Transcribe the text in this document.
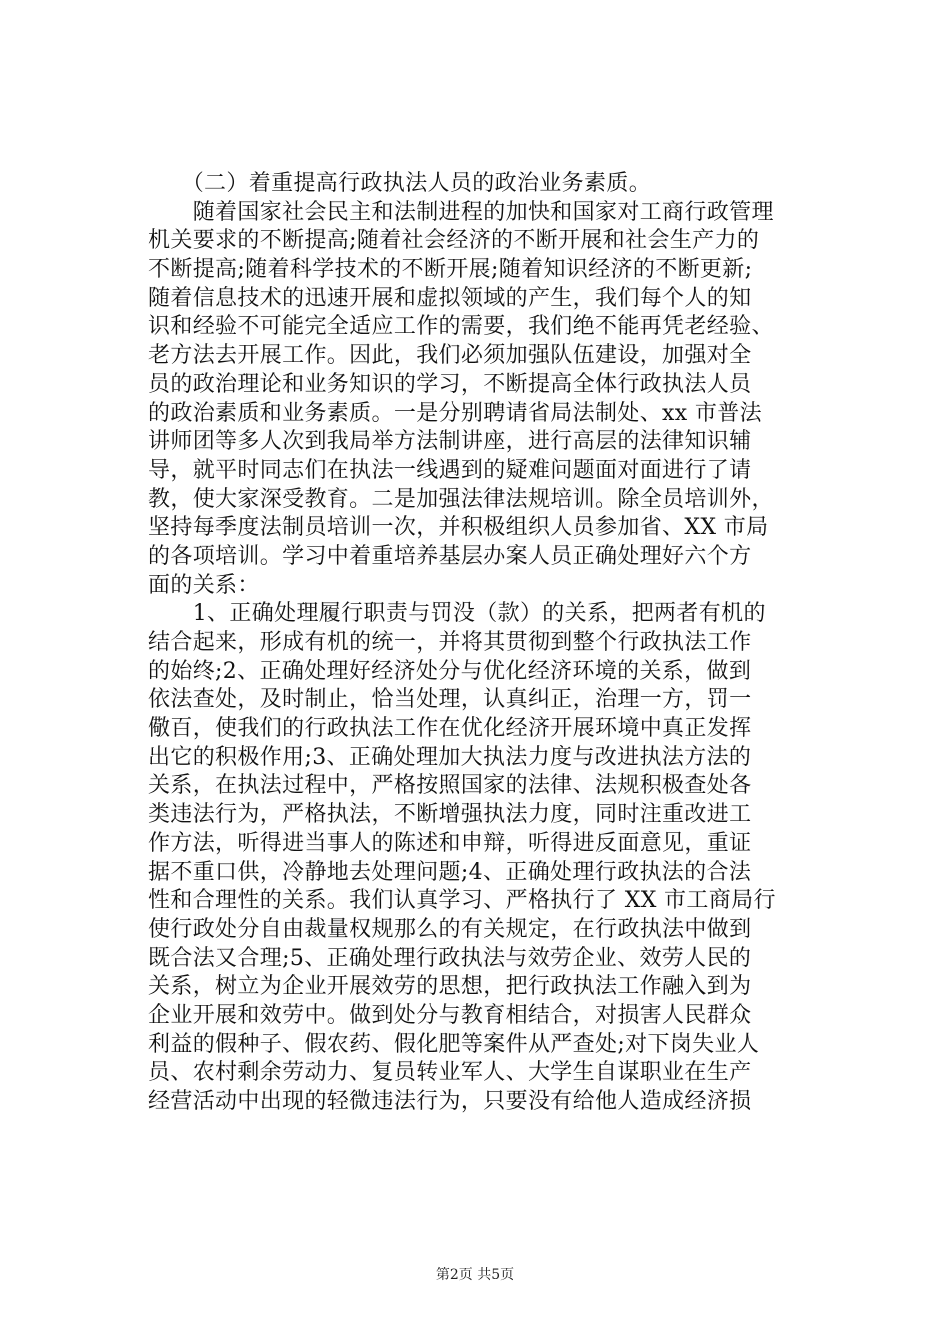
　　（二）着重提高行政执法人员的政治业务素质。
　　随着国家社会民主和法制进程的加快和国家对工商行政管理
机关要求的不断提高;随着社会经济的不断开展和社会生产力的
不断提高;随着科学技术的不断开展;随着知识经济的不断更新;
随着信息技术的迅速开展和虚拟领域的产生，我们每个人的知
识和经验不可能完全适应工作的需要，我们绝不能再凭老经验、
老方法去开展工作。因此，我们必须加强队伍建设，加强对全
员的政治理论和业务知识的学习，不断提高全体行政执法人员
的政治素质和业务素质。一是分别聘请省局法制处、xx 市普法
讲师团等多人次到我局举方法制讲座，进行高层的法律知识辅
导，就平时同志们在执法一线遇到的疑难问题面对面进行了请
教，使大家深受教育。二是加强法律法规培训。除全员培训外，
坚持每季度法制员培训一次，并积极组织人员参加省、XX 市局
的各项培训。学习中着重培养基层办案人员正确处理好六个方
面的关系：
　　1、正确处理履行职责与罚没（款）的关系，把两者有机的
结合起来，形成有机的统一，并将其贯彻到整个行政执法工作
的始终;2、正确处理好经济处分与优化经济环境的关系，做到
依法查处，及时制止，恰当处理，认真纠正，治理一方，罚一
儆百，使我们的行政执法工作在优化经济开展环境中真正发挥
出它的积极作用;3、正确处理加大执法力度与改进执法方法的
关系，在执法过程中，严格按照国家的法律、法规积极查处各
类违法行为，严格执法，不断增强执法力度，同时注重改进工
作方法，听得进当事人的陈述和申辩，听得进反面意见，重证
据不重口供，冷静地去处理问题;4、正确处理行政执法的合法
性和合理性的关系。我们认真学习、严格执行了 XX 市工商局行
使行政处分自由裁量权规那么的有关规定，在行政执法中做到
既合法又合理;5、正确处理行政执法与效劳企业、效劳人民的
关系，树立为企业开展效劳的思想，把行政执法工作融入到为
企业开展和效劳中。做到处分与教育相结合，对损害人民群众
利益的假种子、假农药、假化肥等案件从严查处;对下岗失业人
员、农村剩余劳动力、复员转业军人、大学生自谋职业在生产
经营活动中出现的轻微违法行为，只要没有给他人造成经济损
第2页 共5页
